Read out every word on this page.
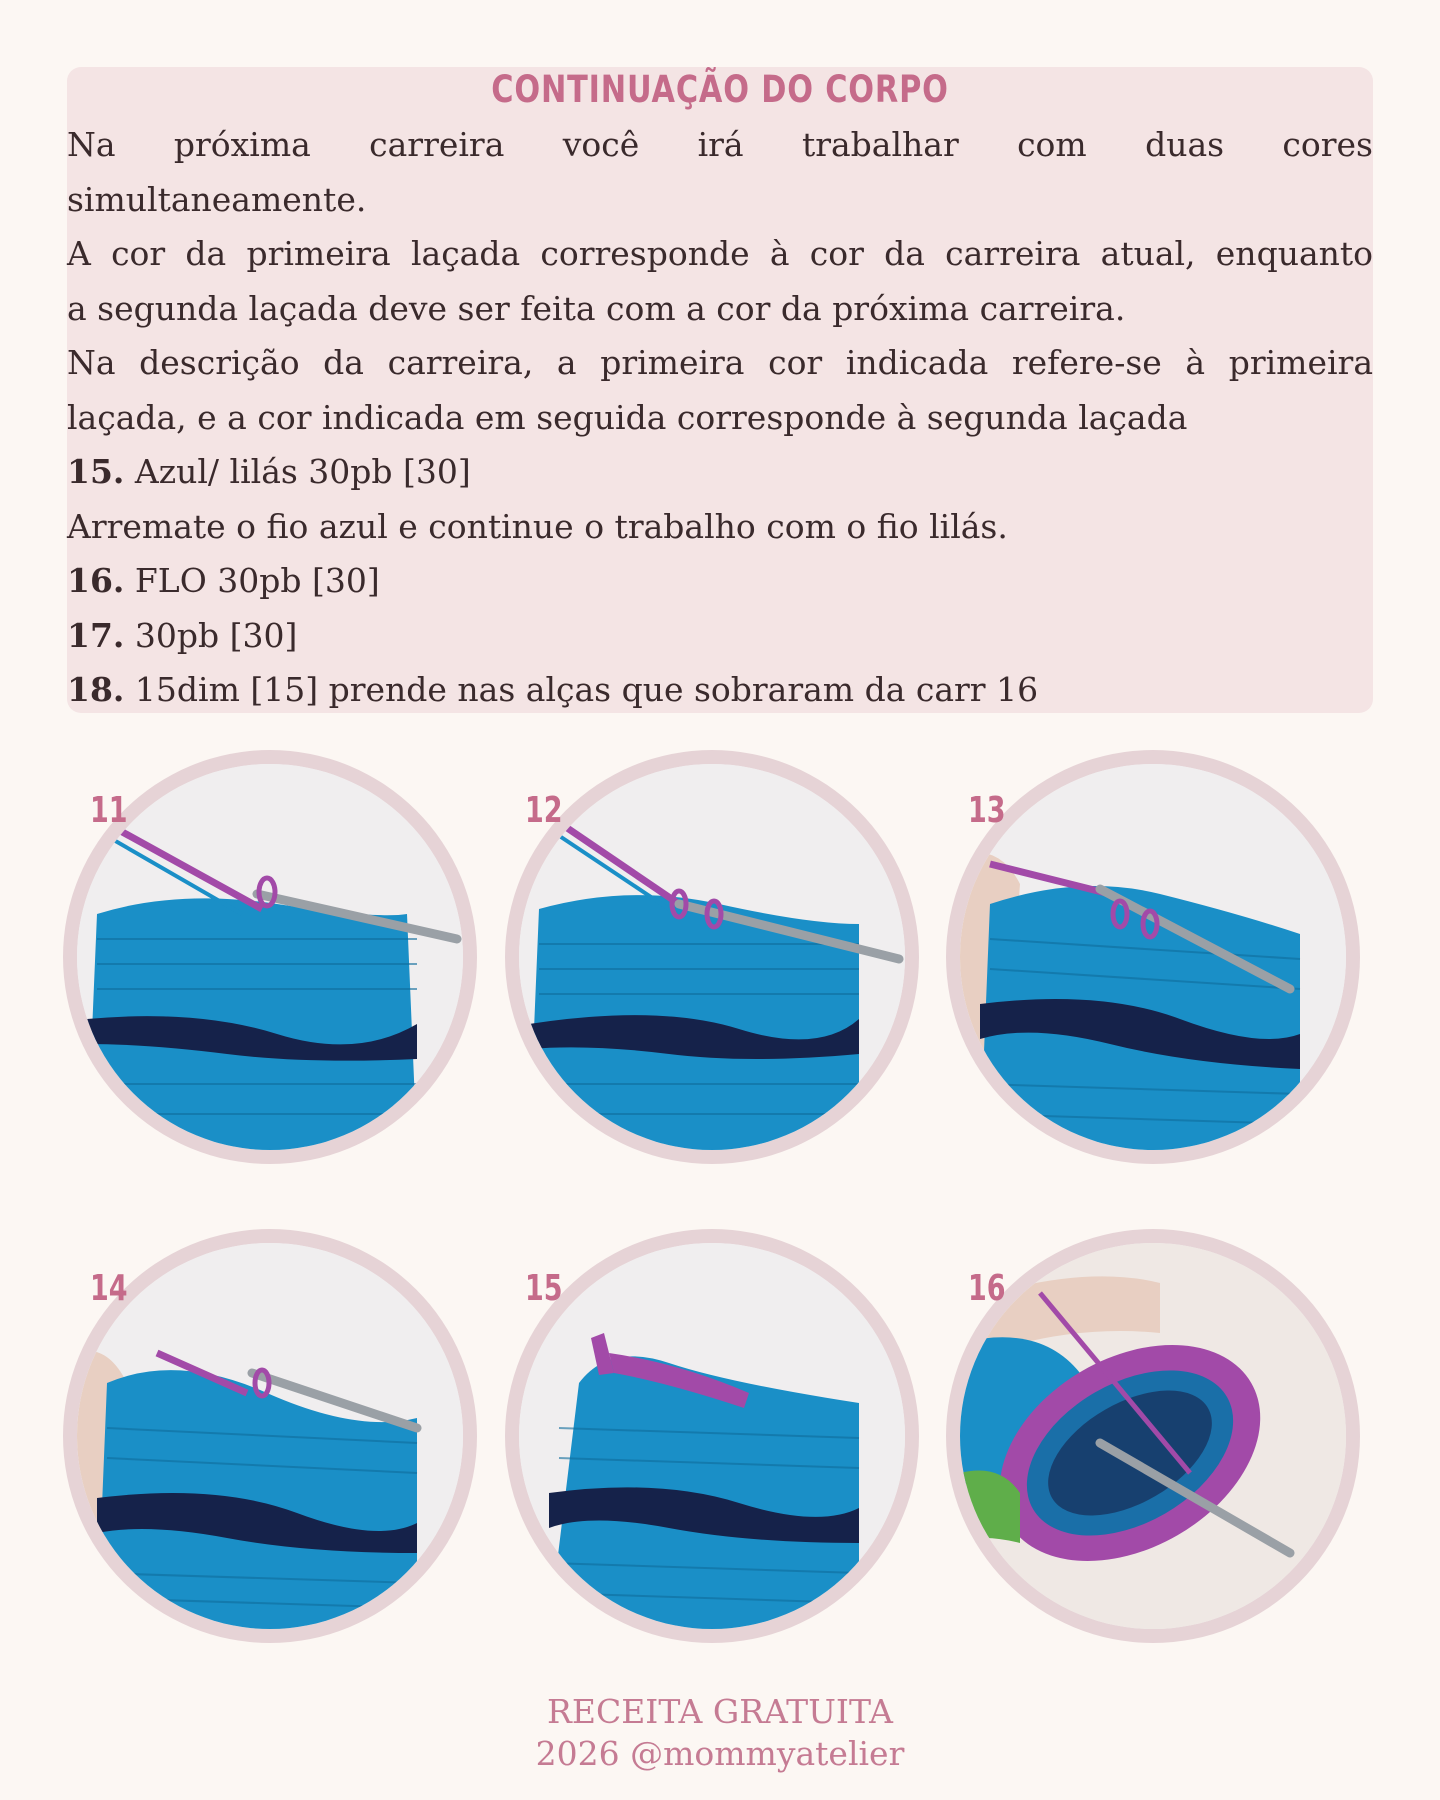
CONTINUAÇÃO DO CORPO

Na próxima carreira você irá trabalhar com duas cores

simultaneamente.

A cor da primeira laçada corresponde à cor da carreira atual, enquanto

a segunda laçada deve ser feita com a cor da próxima carreira.

Na descrição da carreira, a primeira cor indicada refere-se à primeira

laçada, e a cor indicada em seguida corresponde à segunda laçada

15. Azul/ lilás 30pb [30]

Arremate o fio azul e continue o trabalho com o fio lilás.

16. FLO 30pb [30]

17. 30pb [30]

18. 15dim [15] prende nas alças que sobraram da carr 16

11	12	13
14	15	16
RECEITA GRATUITA
2026 @mommyatelier
